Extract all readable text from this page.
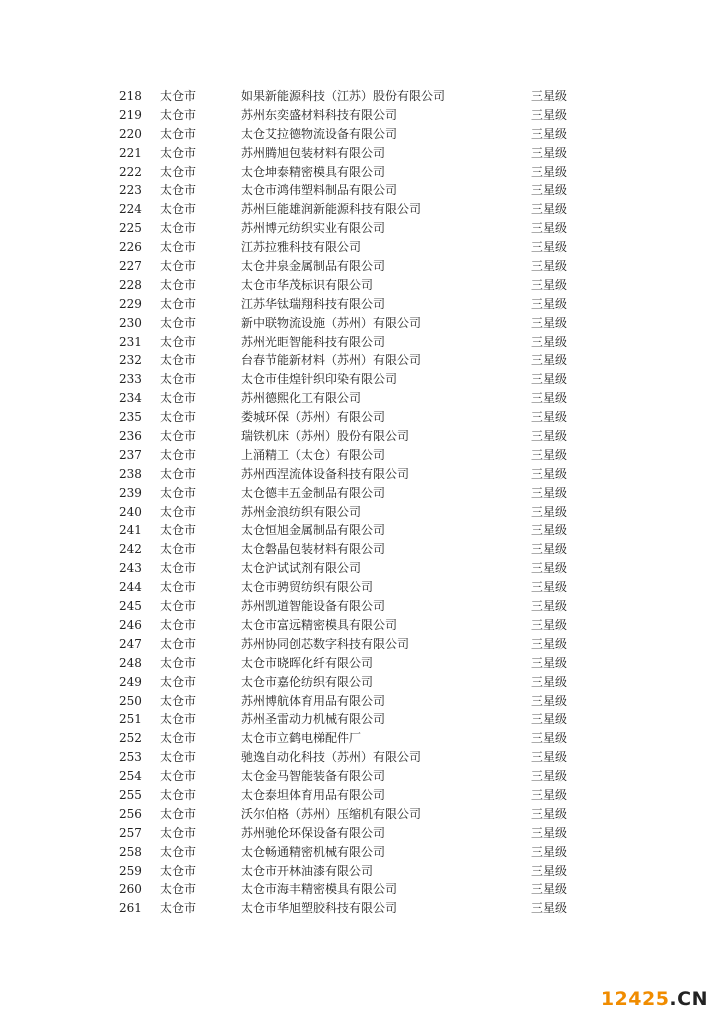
218	太仓市	如果新能源科技（江苏）股份有限公司	三星级
219	太仓市	苏州东奕盛材料科技有限公司	三星级
220	太仓市	太仓艾拉德物流设备有限公司	三星级
221	太仓市	苏州腾旭包装材料有限公司	三星级
222	太仓市	太仓坤泰精密模具有限公司	三星级
223	太仓市	太仓市鸿伟塑料制品有限公司	三星级
224	太仓市	苏州巨能雄润新能源科技有限公司	三星级
225	太仓市	苏州博元纺织实业有限公司	三星级
226	太仓市	江苏拉雅科技有限公司	三星级
227	太仓市	太仓井泉金属制品有限公司	三星级
228	太仓市	太仓市华茂标识有限公司	三星级
229	太仓市	江苏华钛瑞翔科技有限公司	三星级
230	太仓市	新中联物流设施（苏州）有限公司	三星级
231	太仓市	苏州光昛智能科技有限公司	三星级
232	太仓市	台春节能新材料（苏州）有限公司	三星级
233	太仓市	太仓市佳煌针织印染有限公司	三星级
234	太仓市	苏州德熙化工有限公司	三星级
235	太仓市	娄城环保（苏州）有限公司	三星级
236	太仓市	瑞铁机床（苏州）股份有限公司	三星级
237	太仓市	上涌精工（太仓）有限公司	三星级
238	太仓市	苏州西涅流体设备科技有限公司	三星级
239	太仓市	太仓德丰五金制品有限公司	三星级
240	太仓市	苏州金浪纺织有限公司	三星级
241	太仓市	太仓恒旭金属制品有限公司	三星级
242	太仓市	太仓磐晶包装材料有限公司	三星级
243	太仓市	太仓沪试试剂有限公司	三星级
244	太仓市	太仓市骋贸纺织有限公司	三星级
245	太仓市	苏州凯道智能设备有限公司	三星级
246	太仓市	太仓市富远精密模具有限公司	三星级
247	太仓市	苏州协同创芯数字科技有限公司	三星级
248	太仓市	太仓市晓晖化纤有限公司	三星级
249	太仓市	太仓市嘉伦纺织有限公司	三星级
250	太仓市	苏州博航体育用品有限公司	三星级
251	太仓市	苏州圣雷动力机械有限公司	三星级
252	太仓市	太仓市立鹤电梯配件厂	三星级
253	太仓市	驰逸自动化科技（苏州）有限公司	三星级
254	太仓市	太仓金马智能装备有限公司	三星级
255	太仓市	太仓泰坦体育用品有限公司	三星级
256	太仓市	沃尔伯格（苏州）压缩机有限公司	三星级
257	太仓市	苏州驰伦环保设备有限公司	三星级
258	太仓市	太仓畅通精密机械有限公司	三星级
259	太仓市	太仓市开林油漆有限公司	三星级
260	太仓市	太仓市海丰精密模具有限公司	三星级
261	太仓市	太仓市华旭塑胶科技有限公司	三星级
12425.CN
